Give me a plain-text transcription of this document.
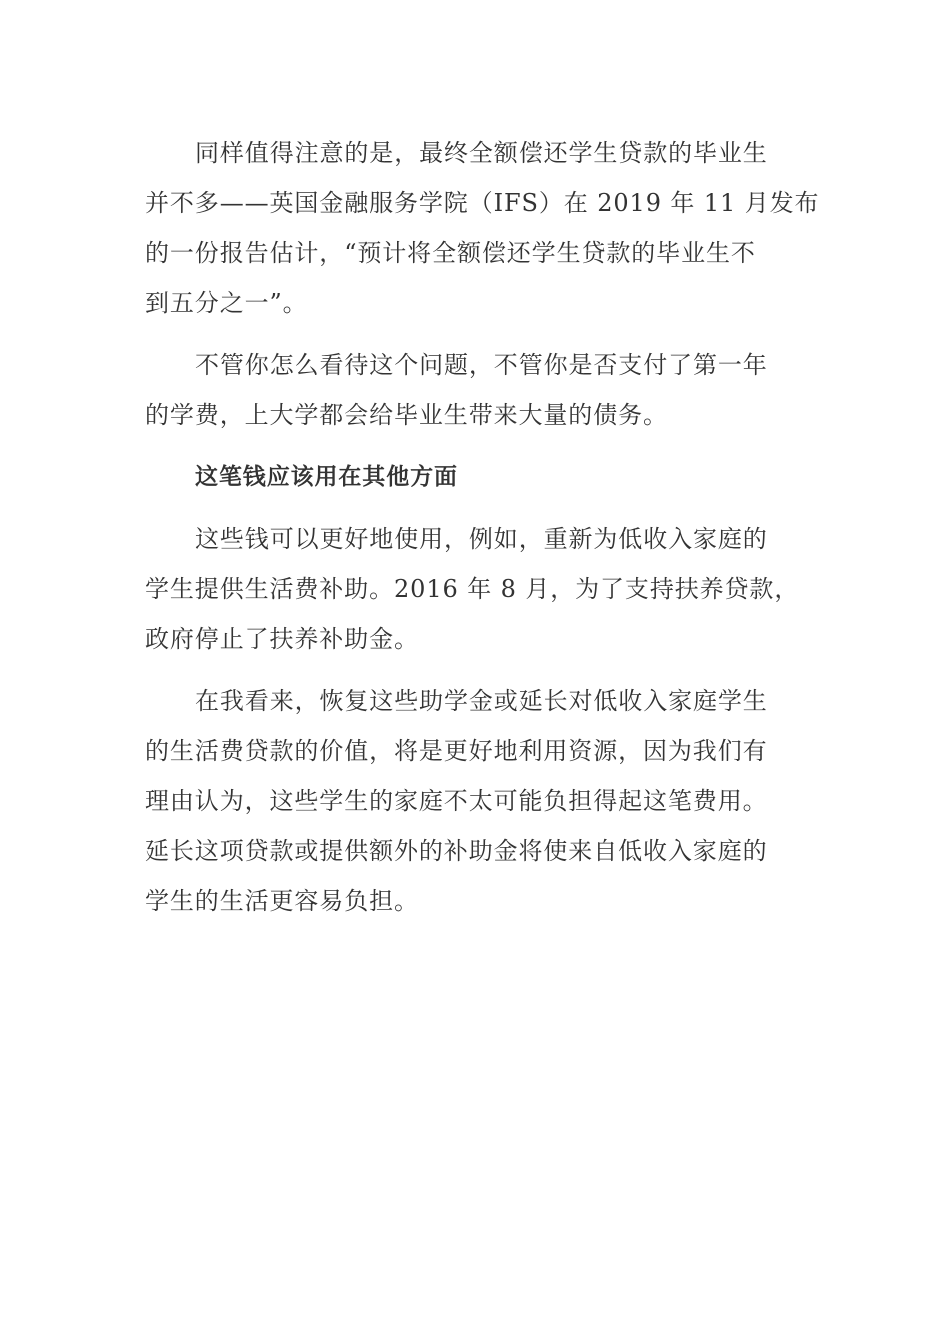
同样值得注意的是，最终全额偿还学生贷款的毕业生
并不多——英国金融服务学院（IFS）在 2019 年 11 月发布
的一份报告估计，“预计将全额偿还学生贷款的毕业生不
到五分之一”。

不管你怎么看待这个问题，不管你是否支付了第一年
的学费，上大学都会给毕业生带来大量的债务。

这笔钱应该用在其他方面

这些钱可以更好地使用，例如，重新为低收入家庭的
学生提供生活费补助。2016 年 8 月，为了支持扶养贷款，
政府停止了扶养补助金。

在我看来，恢复这些助学金或延长对低收入家庭学生
的生活费贷款的价值，将是更好地利用资源，因为我们有
理由认为，这些学生的家庭不太可能负担得起这笔费用。
延长这项贷款或提供额外的补助金将使来自低收入家庭的
学生的生活更容易负担。
